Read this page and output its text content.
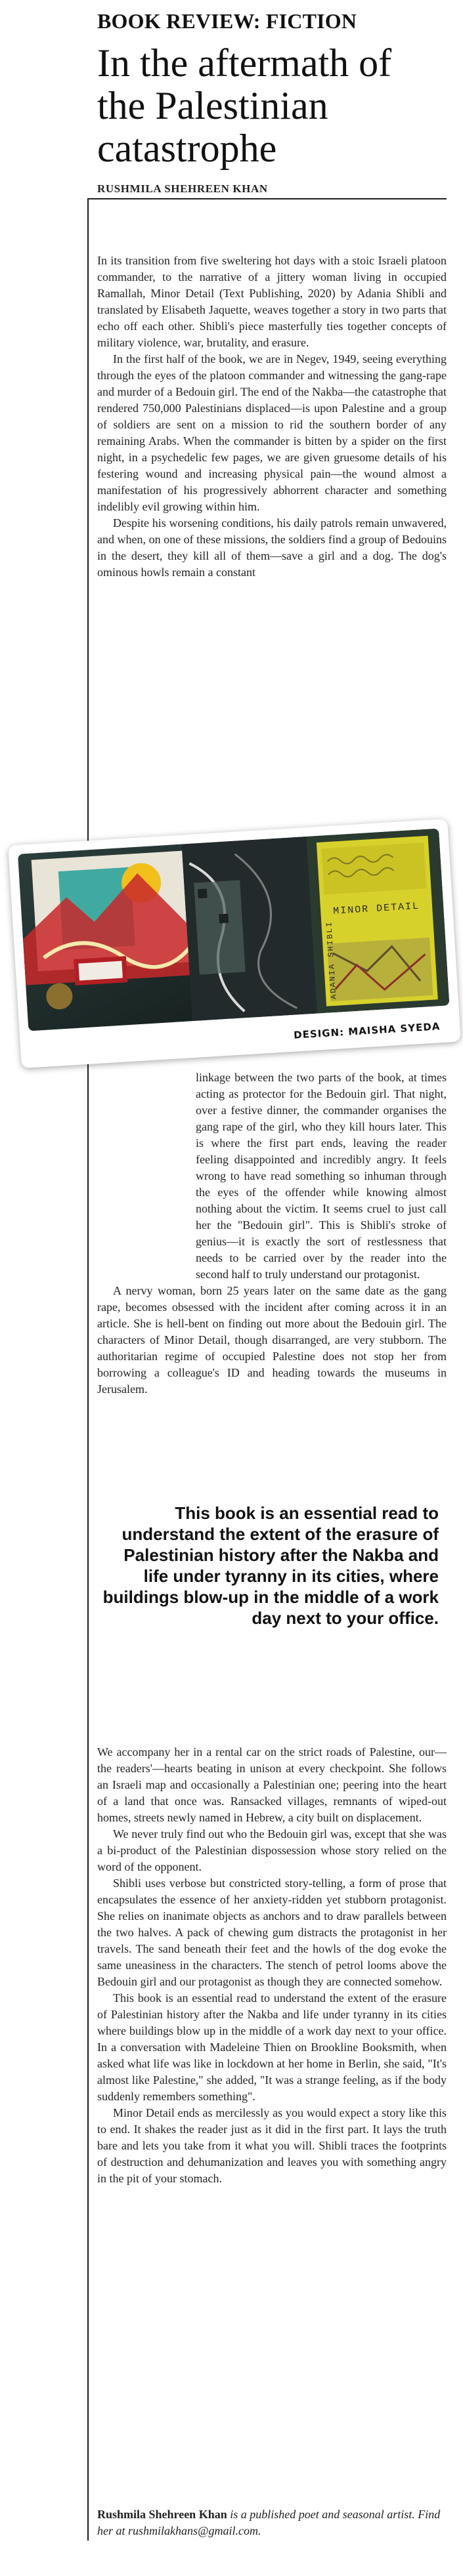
BOOK REVIEW: FICTION
In the aftermath of the Palestinian catastrophe
RUSHMILA SHEHREEN KHAN

In its transition from five sweltering hot days with a stoic Israeli platoon commander, to the narrative of a jittery woman living in occupied Ramallah, Minor Detail (Text Publishing, 2020) by Adania Shibli and translated by Elisabeth Jaquette, weaves together a story in two parts that echo off each other. Shibli's piece masterfully ties together concepts of military violence, war, brutality, and erasure.

In the first half of the book, we are in Negev, 1949, seeing everything through the eyes of the platoon commander and witnessing the gang-rape and murder of a Bedouin girl. The end of the Nakba—the catastrophe that rendered 750,000 Palestinians displaced—is upon Palestine and a group of soldiers are sent on a mission to rid the southern border of any remaining Arabs. When the commander is bitten by a spider on the first night, in a psychedelic few pages, we are given gruesome details of his festering wound and increasing physical pain—the wound almost a manifestation of his progressively abhorrent character and something indelibly evil growing within him.

Despite his worsening conditions, his daily patrols remain unwavered, and when, on one of these missions, the soldiers find a group of Bedouins in the desert, they kill all of them—save a girl and a dog. The dog's ominous howls remain a constant

MINOR DETAIL
ADANIA SHIBLI
DESIGN: MAISHA SYEDA

linkage between the two parts of the book, at times acting as protector for the Bedouin girl. That night, over a festive dinner, the commander organises the gang rape of the girl, who they kill hours later. This is where the first part ends, leaving the reader feeling disappointed and incredibly angry. It feels wrong to have read something so inhuman through the eyes of the offender while knowing almost nothing about the victim. It seems cruel to just call her the "Bedouin girl". This is Shibli's stroke of genius—it is exactly the sort of restlessness that needs to be carried over by the reader into the second half to truly understand our protagonist.

A nervy woman, born 25 years later on the same date as the gang rape, becomes obsessed with the incident after coming across it in an article. She is hell-bent on finding out more about the Bedouin girl. The characters of Minor Detail, though disarranged, are very stubborn. The authoritarian regime of occupied Palestine does not stop her from borrowing a colleague's ID and heading towards the museums in Jerusalem.

This book is an essential read to understand the extent of the erasure of Palestinian history after the Nakba and life under tyranny in its cities, where buildings blow-up in the middle of a work day next to your office.

We accompany her in a rental car on the strict roads of Palestine, our—the readers'—hearts beating in unison at every checkpoint. She follows an Israeli map and occasionally a Palestinian one; peering into the heart of a land that once was. Ransacked villages, remnants of wiped-out homes, streets newly named in Hebrew, a city built on displacement.

We never truly find out who the Bedouin girl was, except that she was a bi-product of the Palestinian dispossession whose story relied on the word of the opponent.

Shibli uses verbose but constricted story-telling, a form of prose that encapsulates the essence of her anxiety-ridden yet stubborn protagonist. She relies on inanimate objects as anchors and to draw parallels between the two halves. A pack of chewing gum distracts the protagonist in her travels. The sand beneath their feet and the howls of the dog evoke the same uneasiness in the characters. The stench of petrol looms above the Bedouin girl and our protagonist as though they are connected somehow.

This book is an essential read to understand the extent of the erasure of Palestinian history after the Nakba and life under tyranny in its cities where buildings blow up in the middle of a work day next to your office. In a conversation with Madeleine Thien on Brookline Booksmith, when asked what life was like in lockdown at her home in Berlin, she said, "It's almost like Palestine," she added, "It was a strange feeling, as if the body suddenly remembers something".

Minor Detail ends as mercilessly as you would expect a story like this to end. It shakes the reader just as it did in the first part. It lays the truth bare and lets you take from it what you will. Shibli traces the footprints of destruction and dehumanization and leaves you with something angry in the pit of your stomach.

Rushmila Shehreen Khan is a published poet and seasonal artist. Find her at rushmilakhans@gmail.com.
